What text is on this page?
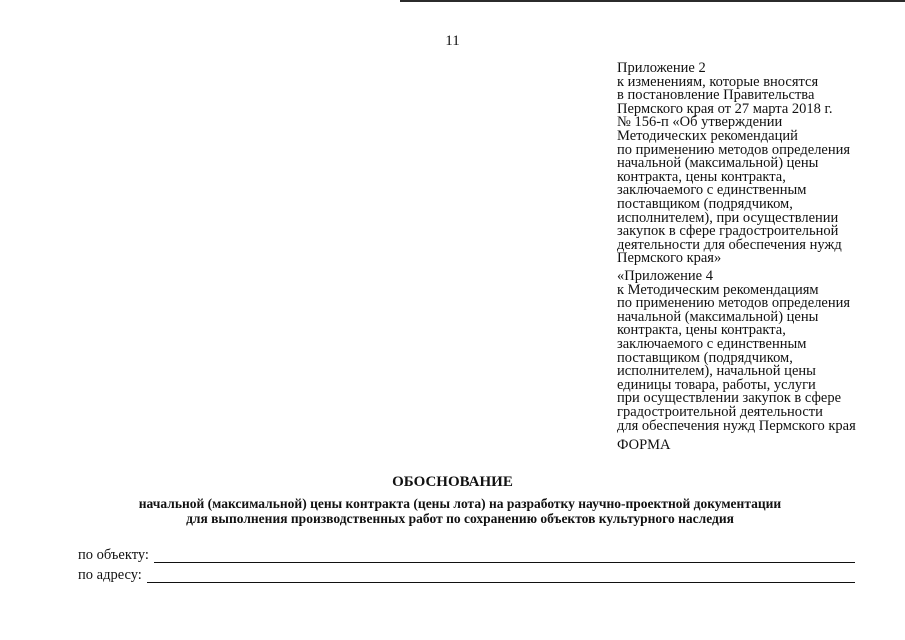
11
Приложение 2
к изменениям, которые вносятся
в постановление Правительства
Пермского края от 27 марта 2018 г.
№ 156-п «Об утверждении
Методических рекомендаций
по применению методов определения
начальной (максимальной) цены
контракта, цены контракта,
заключаемого с единственным
поставщиком (подрядчиком,
исполнителем), при осуществлении
закупок в сфере градостроительной
деятельности для обеспечения нужд
Пермского края»
«Приложение 4
к Методическим рекомендациям
по применению методов определения
начальной (максимальной) цены
контракта, цены контракта,
заключаемого с единственным
поставщиком (подрядчиком,
исполнителем), начальной цены
единицы товара, работы, услуги
при осуществлении закупок в сфере
градостроительной деятельности
для обеспечения нужд Пермского края
ФОРМА
ОБОСНОВАНИЕ
начальной (максимальной) цены контракта (цены лота) на разработку научно-проектной документации
для выполнения производственных работ по сохранению объектов культурного наследия
по объекту:
по адресу:
